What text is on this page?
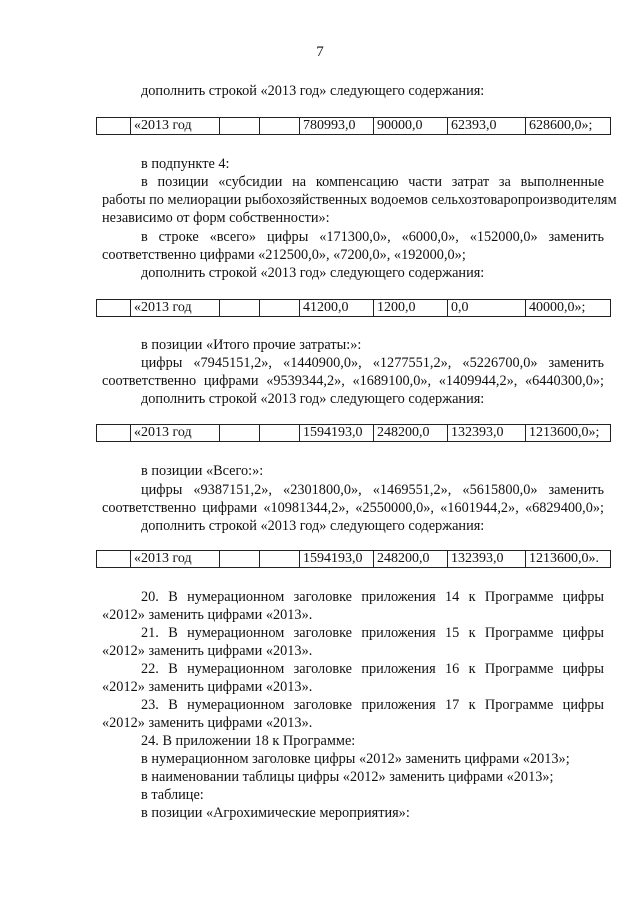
7
дополнить строкой «2013 год» следующего содержания:
	«2013 год			780993,0	90000,0	62393,0	628600,0»;
в подпункте 4:
в позиции «субсидии на компенсацию части затрат за выполненные
работы по мелиорации рыбохозяйственных водоемов сельхозтоваропроизводителям
независимо от форм собственности»:
в строке «всего» цифры «171300,0», «6000,0», «152000,0» заменить
соответственно цифрами «212500,0», «7200,0», «192000,0»;
дополнить строкой «2013 год» следующего содержания:
	«2013 год			41200,0	1200,0	0,0	40000,0»;
в позиции «Итого прочие затраты:»:
цифры «7945151,2», «1440900,0», «1277551,2», «5226700,0» заменить
соответственно цифрами «9539344,2», «1689100,0», «1409944,2», «6440300,0»;
дополнить строкой «2013 год» следующего содержания:
	«2013 год			1594193,0	248200,0	132393,0	1213600,0»;
в позиции «Всего:»:
цифры «9387151,2», «2301800,0», «1469551,2», «5615800,0» заменить
соответственно цифрами «10981344,2», «2550000,0», «1601944,2», «6829400,0»;
дополнить строкой «2013 год» следующего содержания:
	«2013 год			1594193,0	248200,0	132393,0	1213600,0».
20. В нумерационном заголовке приложения 14 к Программе цифры
«2012» заменить цифрами «2013».
21. В нумерационном заголовке приложения 15 к Программе цифры
«2012» заменить цифрами «2013».
22. В нумерационном заголовке приложения 16 к Программе цифры
«2012» заменить цифрами «2013».
23. В нумерационном заголовке приложения 17 к Программе цифры
«2012» заменить цифрами «2013».
24. В приложении 18 к Программе:
в нумерационном заголовке цифры «2012» заменить цифрами «2013»;
в наименовании таблицы цифры «2012» заменить цифрами «2013»;
в таблице:
в позиции «Агрохимические мероприятия»:
